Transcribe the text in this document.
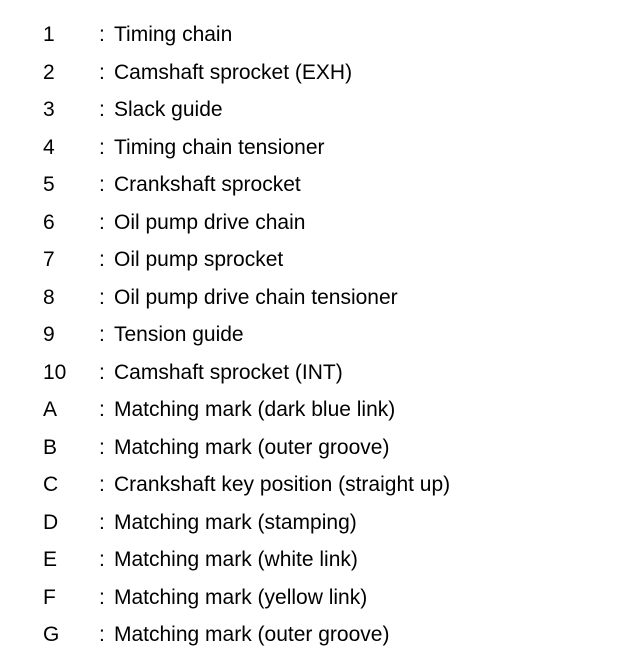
1 : Timing chain
2 : Camshaft sprocket (EXH)
3 : Slack guide
4 : Timing chain tensioner
5 : Crankshaft sprocket
6 : Oil pump drive chain
7 : Oil pump sprocket
8 : Oil pump drive chain tensioner
9 : Tension guide
10 : Camshaft sprocket (INT)
A : Matching mark (dark blue link)
B : Matching mark (outer groove)
C : Crankshaft key position (straight up)
D : Matching mark (stamping)
E : Matching mark (white link)
F : Matching mark (yellow link)
G : Matching mark (outer groove)
